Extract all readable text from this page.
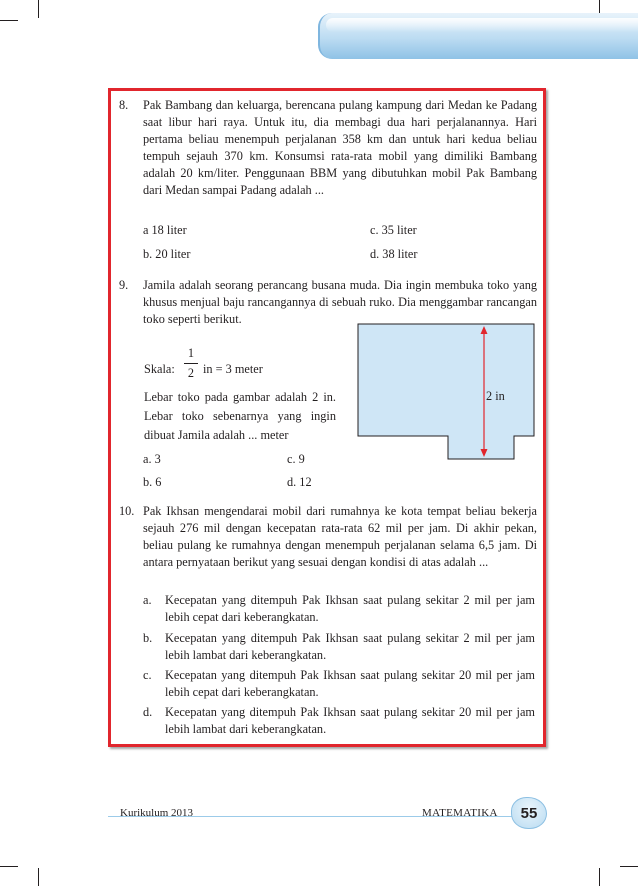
8. Pak Bambang dan keluarga, berencana pulang kampung dari Medan ke Padang saat libur hari raya. Untuk itu, dia membagi dua hari perjalanannya. Hari pertama beliau menempuh perjalanan 358 km dan untuk hari kedua beliau tempuh sejauh 370 km. Konsumsi rata-rata mobil yang dimiliki Bambang adalah 20 km/liter. Penggunaan BBM yang dibutuhkan mobil Pak Bambang dari Medan sampai Padang adalah ...
a 18 liter	c. 35 liter
b. 20 liter	d. 38 liter
9. Jamila adalah seorang perancang busana muda. Dia ingin membuka toko yang khusus menjual baju rancangannya di sebuah ruko. Dia menggambar rancangan toko seperti berikut.
Skala:
1
2 in = 3 meter
Lebar toko pada gambar adalah 2 in. Lebar toko sebenarnya yang ingin dibuat Jamila adalah ... meter
2 in
a. 3	c. 9
b. 6	d. 12
10. Pak Ikhsan mengendarai mobil dari rumahnya ke kota tempat beliau bekerja sejauh 276 mil dengan kecepatan rata-rata 62 mil per jam. Di akhir pekan, beliau pulang ke rumahnya dengan menempuh perjalanan selama 6,5 jam. Di antara pernyataan berikut yang sesuai dengan kondisi di atas adalah ...
a. Kecepatan yang ditempuh Pak Ikhsan saat pulang sekitar 2 mil per jam lebih cepat dari keberangkatan.
b. Kecepatan yang ditempuh Pak Ikhsan saat pulang sekitar 2 mil per jam lebih lambat dari keberangkatan.
c. Kecepatan yang ditempuh Pak Ikhsan saat pulang sekitar 20 mil per jam lebih cepat dari keberangkatan.
d. Kecepatan yang ditempuh Pak Ikhsan saat pulang sekitar 20 mil per jam lebih lambat dari keberangkatan.
Kurikulum 2013	MATEMATIKA	55
